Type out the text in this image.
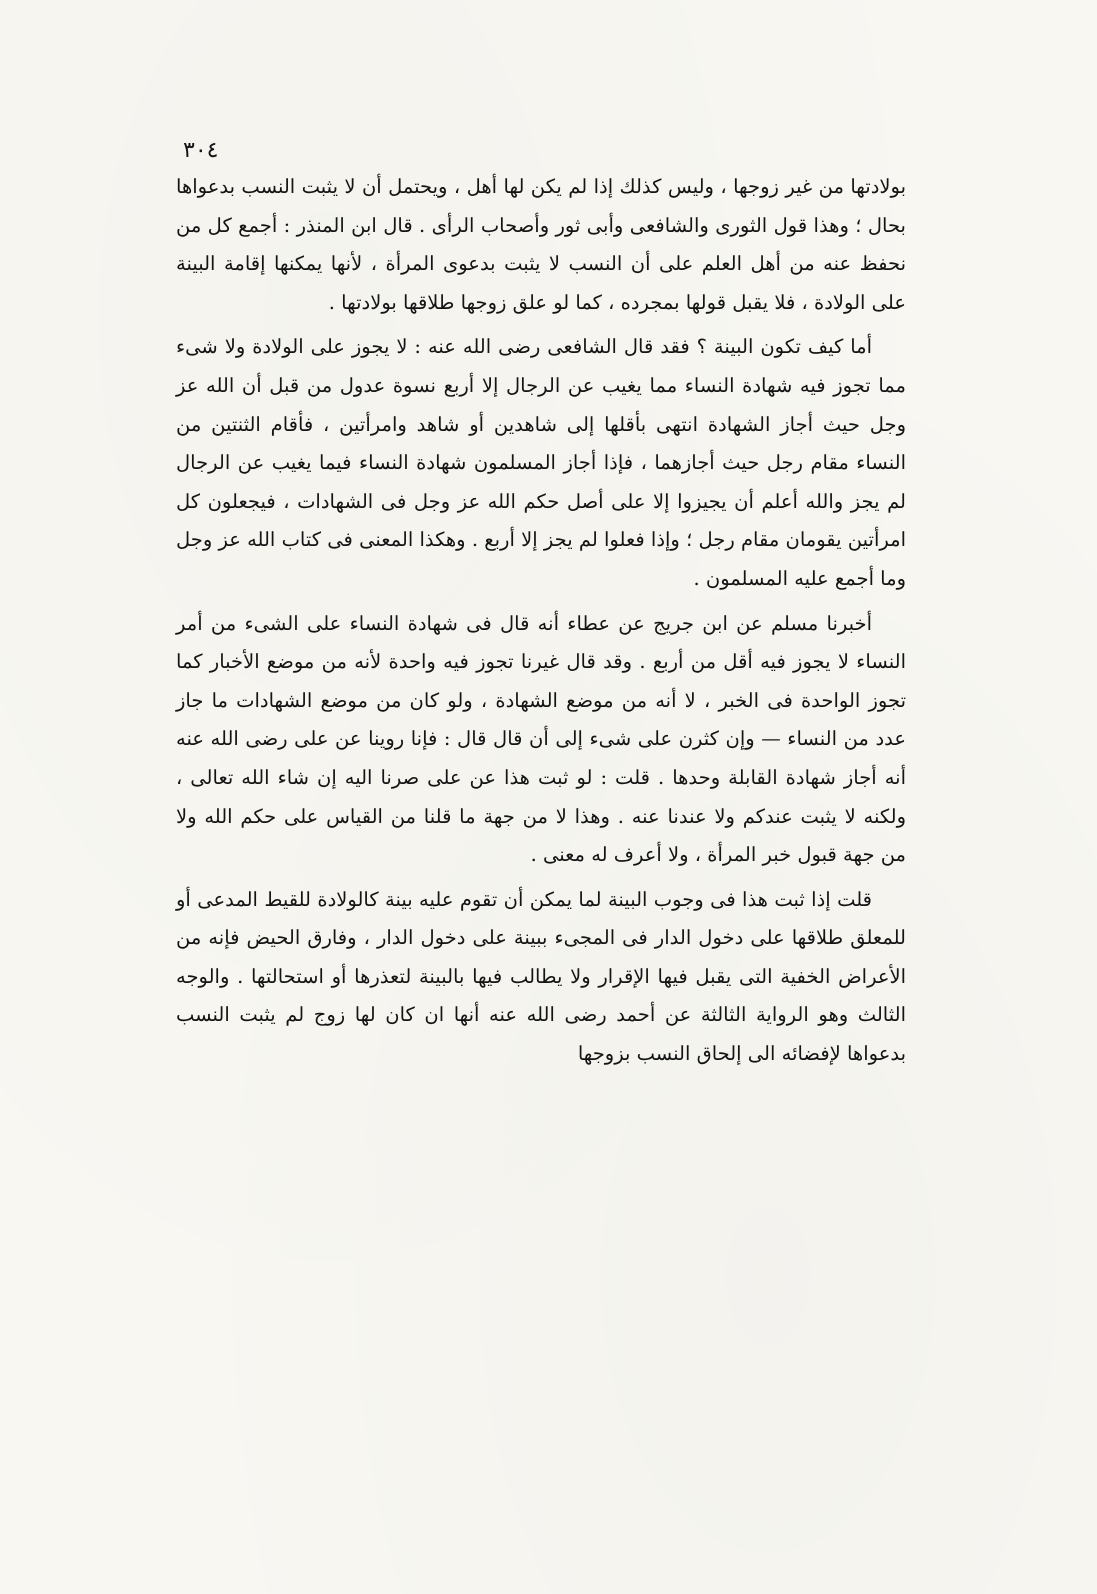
٣٠٤

بولادتها من غير زوجها ، وليس كذلك إذا لم يكن لها أهل ، ويحتمل أن لا يثبت النسب بدعواها بحال ؛ وهذا قول الثورى والشافعى وأبى ثور وأصحاب الرأى . قال ابن المنذر : أجمع كل من نحفظ عنه من أهل العلم على أن النسب لا يثبت بدعوى المرأة ، لأنها يمكنها إقامة البينة على الولادة ، فلا يقبل قولها بمجرده ، كما لو علق زوجها طلاقها بولادتها .

أما كيف تكون البينة ؟ فقد قال الشافعى رضى الله عنه : لا يجوز على الولادة ولا شىء مما تجوز فيه شهادة النساء مما يغيب عن الرجال إلا أربع نسوة عدول من قبل أن الله عز وجل حيث أجاز الشهادة انتهى بأقلها إلى شاهدين أو شاهد وامرأتين ، فأقام الثنتين من النساء مقام رجل حيث أجازهما ، فإذا أجاز المسلمون شهادة النساء فيما يغيب عن الرجال لم يجز والله أعلم أن يجيزوا إلا على أصل حكم الله عز وجل فى الشهادات ، فيجعلون كل امرأتين يقومان مقام رجل ؛ وإذا فعلوا لم يجز إلا أربع . وهكذا المعنى فى كتاب الله عز وجل وما أجمع عليه المسلمون .

أخبرنا مسلم عن ابن جريج عن عطاء أنه قال فى شهادة النساء على الشىء من أمر النساء لا يجوز فيه أقل من أربع . وقد قال غيرنا تجوز فيه واحدة لأنه من موضع الأخبار كما تجوز الواحدة فى الخبر ، لا أنه من موضع الشهادة ، ولو كان من موضع الشهادات ما جاز عدد من النساء — وإن كثرن على شىء إلى أن قال قال : فإنا روينا عن على رضى الله عنه أنه أجاز شهادة القابلة وحدها . قلت : لو ثبت هذا عن على صرنا اليه إن شاء الله تعالى ، ولكنه لا يثبت عندكم ولا عندنا عنه . وهذا لا من جهة ما قلنا من القياس على حكم الله ولا من جهة قبول خبر المرأة ، ولا أعرف له معنى .

قلت إذا ثبت هذا فى وجوب البينة لما يمكن أن تقوم عليه بينة كالولادة للقيط المدعى أو للمعلق طلاقها على دخول الدار فى المجىء ببينة على دخول الدار ، وفارق الحيض فإنه من الأعراض الخفية التى يقبل فيها الإقرار ولا يطالب فيها بالبينة لتعذرها أو استحالتها . والوجه الثالث وهو الرواية الثالثة عن أحمد رضى الله عنه أنها ان كان لها زوج لم يثبت النسب بدعواها لإفضائه الى إلحاق النسب بزوجها
